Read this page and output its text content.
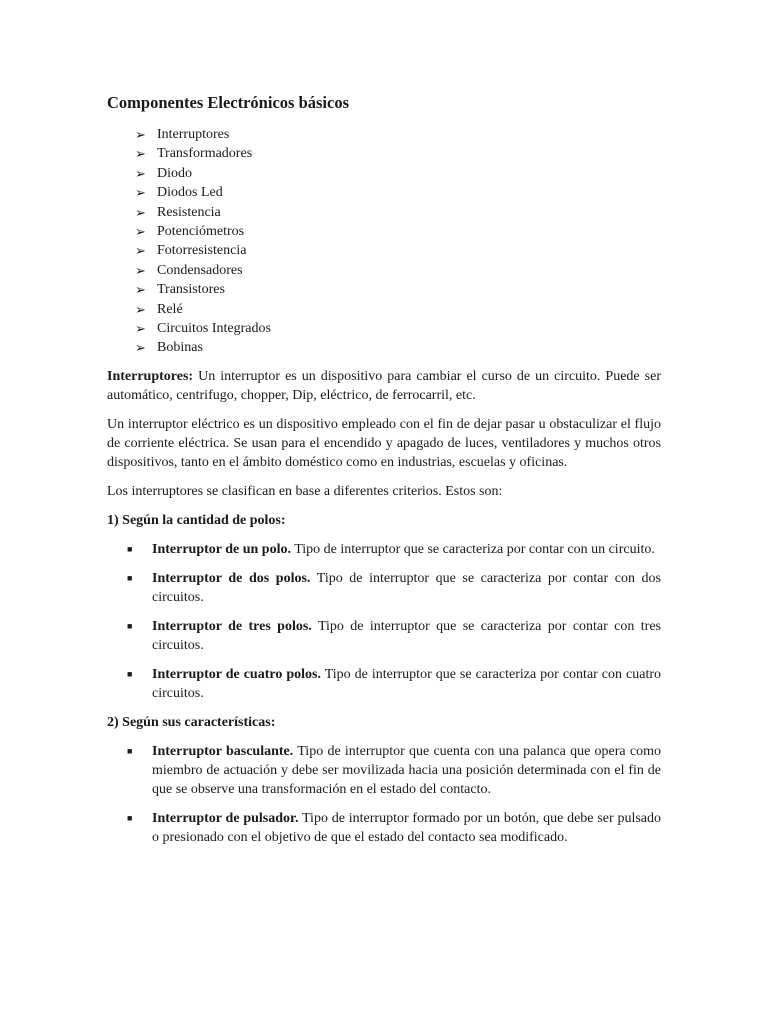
Componentes Electrónicos básicos
➢ Interruptores
➢ Transformadores
➢ Diodo
➢ Diodos Led
➢ Resistencia
➢ Potenciómetros
➢ Fotorresistencia
➢ Condensadores
➢ Transistores
➢ Relé
➢ Circuitos Integrados
➢ Bobinas

Interruptores: Un interruptor es un dispositivo para cambiar el curso de un circuito. Puede ser automático, centrifugo, chopper, Dip, eléctrico, de ferrocarril, etc.

Un interruptor eléctrico es un dispositivo empleado con el fin de dejar pasar u obstaculizar el flujo de corriente eléctrica. Se usan para el encendido y apagado de luces, ventiladores y muchos otros dispositivos, tanto en el ámbito doméstico como en industrias, escuelas y oficinas.

Los interruptores se clasifican en base a diferentes criterios. Estos son:

1) Según la cantidad de polos:
■ Interruptor de un polo. Tipo de interruptor que se caracteriza por contar con un circuito.
■ Interruptor de dos polos. Tipo de interruptor que se caracteriza por contar con dos circuitos.
■ Interruptor de tres polos. Tipo de interruptor que se caracteriza por contar con tres circuitos.
■ Interruptor de cuatro polos. Tipo de interruptor que se caracteriza por contar con cuatro circuitos.
2) Según sus características:
■ Interruptor basculante. Tipo de interruptor que cuenta con una palanca que opera como miembro de actuación y debe ser movilizada hacia una posición determinada con el fin de que se observe una transformación en el estado del contacto.
■ Interruptor de pulsador. Tipo de interruptor formado por un botón, que debe ser pulsado o presionado con el objetivo de que el estado del contacto sea modificado.
